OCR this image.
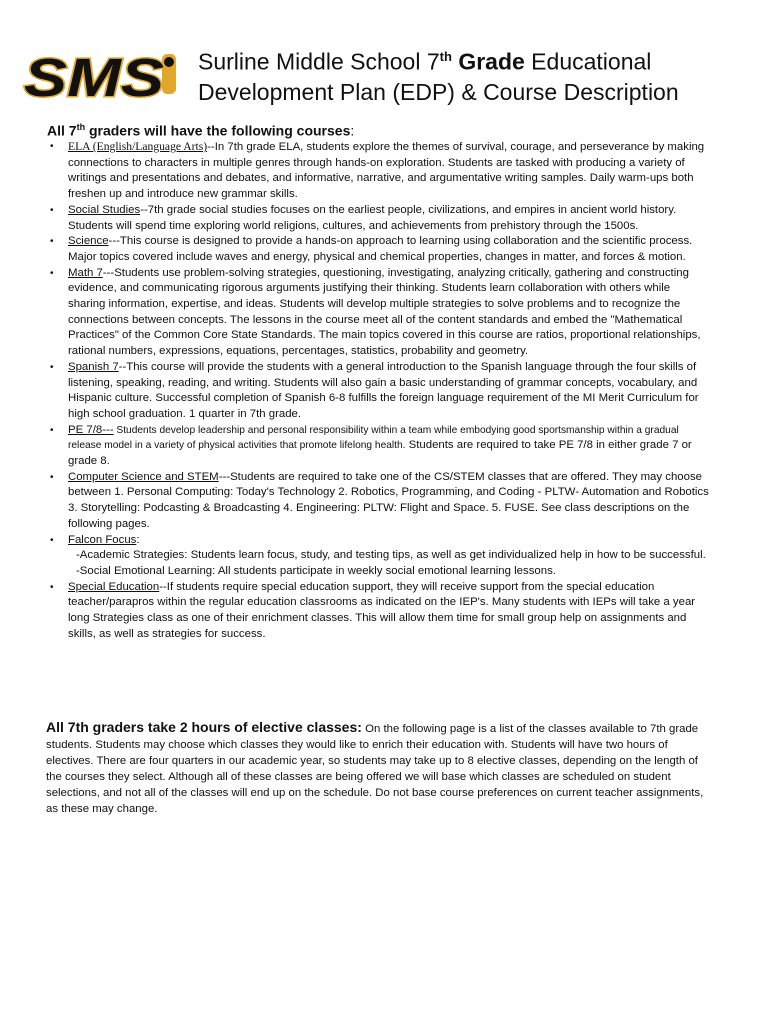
SMS Surline Middle School 7th Grade Educational
Development Plan (EDP) & Course Description
All 7th graders will have the following courses:
• ELA (English/Language Arts)--In 7th grade ELA, students explore the themes of survival, courage, and perseverance by making connections to characters in multiple genres through hands-on exploration. Students are tasked with producing a variety of writings and presentations and debates, and informative, narrative, and argumentative writing samples. Daily warm-ups both freshen up and introduce new grammar skills.
• Social Studies--7th grade social studies focuses on the earliest people, civilizations, and empires in ancient world history. Students will spend time exploring world religions, cultures, and achievements from prehistory through the 1500s.
• Science---This course is designed to provide a hands-on approach to learning using collaboration and the scientific process. Major topics covered include waves and energy, physical and chemical properties, changes in matter, and forces & motion.
• Math 7---Students use problem-solving strategies, questioning, investigating, analyzing critically, gathering and constructing evidence, and communicating rigorous arguments justifying their thinking. Students learn collaboration with others while sharing information, expertise, and ideas. Students will develop multiple strategies to solve problems and to recognize the connections between concepts. The lessons in the course meet all of the content standards and embed the "Mathematical Practices" of the Common Core State Standards. The main topics covered in this course are ratios, proportional relationships, rational numbers, expressions, equations, percentages, statistics, probability and geometry.
• Spanish 7--This course will provide the students with a general introduction to the Spanish language through the four skills of listening, speaking, reading, and writing. Students will also gain a basic understanding of grammar concepts, vocabulary, and Hispanic culture. Successful completion of Spanish 6-8 fulfills the foreign language requirement of the MI Merit Curriculum for high school graduation. 1 quarter in 7th grade.
• PE 7/8--- Students develop leadership and personal responsibility within a team while embodying good sportsmanship within a gradual release model in a variety of physical activities that promote lifelong health. Students are required to take PE 7/8 in either grade 7 or grade 8.
• Computer Science and STEM---Students are required to take one of the CS/STEM classes that are offered. They may choose between 1. Personal Computing: Today's Technology 2. Robotics, Programming, and Coding - PLTW- Automation and Robotics 3. Storytelling: Podcasting & Broadcasting 4. Engineering: PLTW: Flight and Space. 5. FUSE. See class descriptions on the following pages.
• Falcon Focus:
-Academic Strategies: Students learn focus, study, and testing tips, as well as get individualized help in how to be successful.
-Social Emotional Learning: All students participate in weekly social emotional learning lessons.
• Special Education--If students require special education support, they will receive support from the special education teacher/parapros within the regular education classrooms as indicated on the IEP's. Many students with IEPs will take a year long Strategies class as one of their enrichment classes. This will allow them time for small group help on assignments and skills, as well as strategies for success.
All 7th graders take 2 hours of elective classes: On the following page is a list of the classes available to 7th grade students. Students may choose which classes they would like to enrich their education with. Students will have two hours of electives. There are four quarters in our academic year, so students may take up to 8 elective classes, depending on the length of the courses they select. Although all of these classes are being offered we will base which classes are scheduled on student selections, and not all of the classes will end up on the schedule. Do not base course preferences on current teacher assignments, as these may change.
